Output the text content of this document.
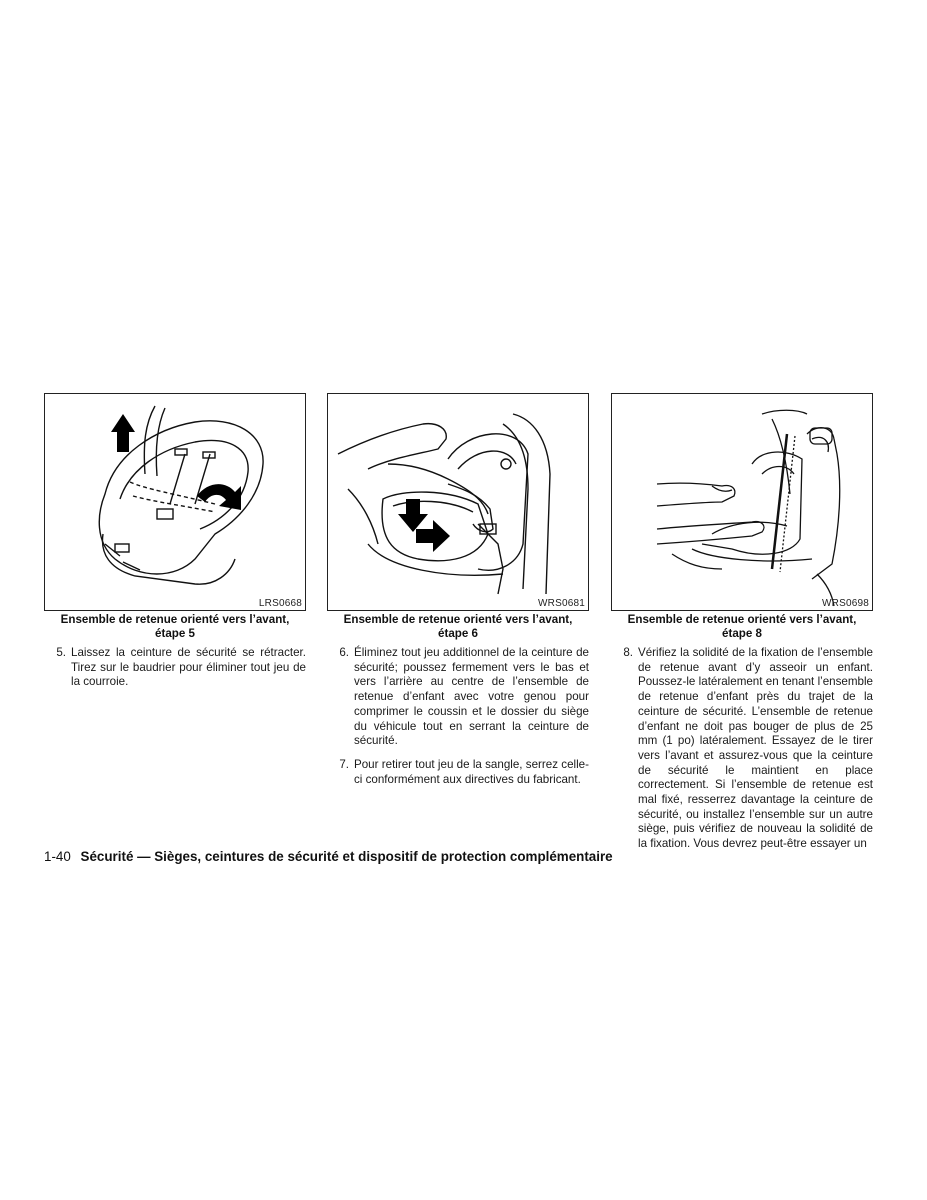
LRS0668
Ensemble de retenue orienté vers l’avant,
étape 5
5. Laissez la ceinture de sécurité se rétracter. Tirez sur le baudrier pour éliminer tout jeu de la courroie.
WRS0681
Ensemble de retenue orienté vers l’avant,
étape 6
6. Éliminez tout jeu additionnel de la ceinture de sécurité; poussez fermement vers le bas et vers l’arrière au centre de l’ensemble de retenue d’enfant avec votre genou pour comprimer le coussin et le dossier du siège du véhicule tout en serrant la ceinture de sécurité.
7. Pour retirer tout jeu de la sangle, serrez celle-ci conformément aux directives du fabricant.
WRS0698
Ensemble de retenue orienté vers l’avant,
étape 8
8. Vérifiez la solidité de la fixation de l’ensemble de retenue avant d’y asseoir un enfant. Poussez-le latéralement en tenant l’ensemble de retenue d’enfant près du trajet de la ceinture de sécurité. L’ensemble de retenue d’enfant ne doit pas bouger de plus de 25 mm (1 po) latéralement. Essayez de le tirer vers l’avant et assurez-vous que la ceinture de sécurité le maintient en place correctement. Si l’ensemble de retenue est mal fixé, resserrez davantage la ceinture de sécurité, ou installez l’ensemble sur un autre siège, puis vérifiez de nouveau la solidité de la fixation. Vous devrez peut-être essayer un
1-40 Sécurité — Sièges, ceintures de sécurité et dispositif de protection complémentaire
